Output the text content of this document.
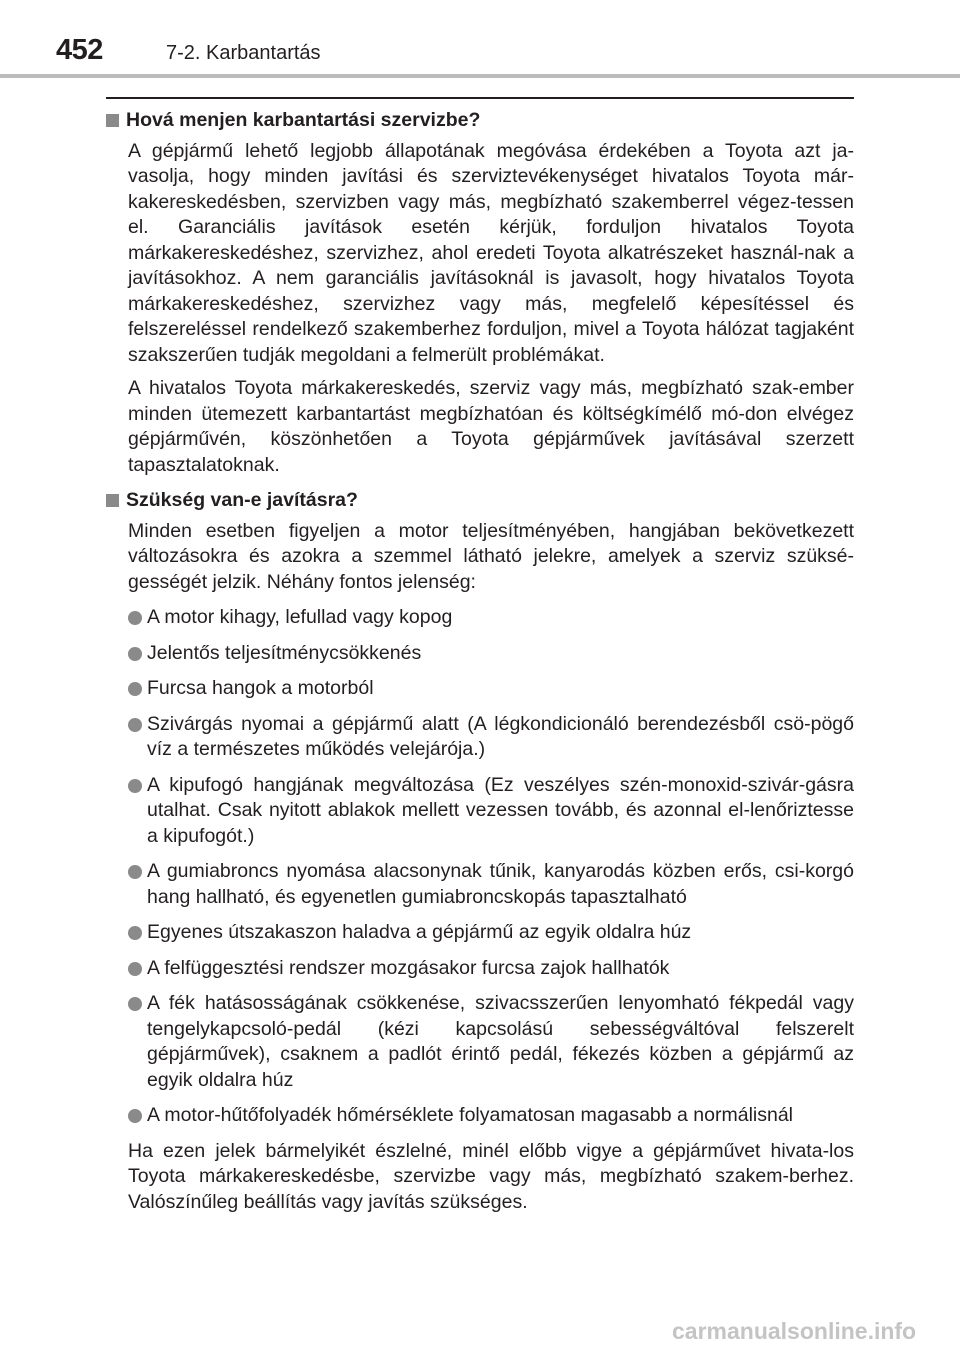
452	7-2. Karbantartás
Hová menjen karbantartási szervizbe?

A gépjármű lehető legjobb állapotának megóvása érdekében a Toyota azt ja-vasolja, hogy minden javítási és szerviztevékenységet hivatalos Toyota már-kakereskedésben, szervizben vagy más, megbízható szakemberrel végez-tessen el. Garanciális javítások esetén kérjük, forduljon hivatalos Toyota márkakereskedéshez, szervizhez, ahol eredeti Toyota alkatrészeket használ-nak a javításokhoz. A nem garanciális javításoknál is javasolt, hogy hivatalos Toyota márkakereskedéshez, szervizhez vagy más, megfelelő képesítéssel és felszereléssel rendelkező szakemberhez forduljon, mivel a Toyota hálózat tagjaként szakszerűen tudják megoldani a felmerült problémákat.

A hivatalos Toyota márkakereskedés, szerviz vagy más, megbízható szak-ember minden ütemezett karbantartást megbízhatóan és költségkímélő mó-don elvégez gépjárművén, köszönhetően a Toyota gépjárművek javításával szerzett tapasztalatoknak.

Szükség van-e javításra?

Minden esetben figyeljen a motor teljesítményében, hangjában bekövetkezett változásokra és azokra a szemmel látható jelekre, amelyek a szerviz szüksé-gességét jelzik. Néhány fontos jelenség:

A motor kihagy, lefullad vagy kopog
Jelentős teljesítménycsökkenés
Furcsa hangok a motorból
Szivárgás nyomai a gépjármű alatt (A légkondicionáló berendezésből csö-pögő víz a természetes működés velejárója.)
A kipufogó hangjának megváltozása (Ez veszélyes szén-monoxid-szivár-gásra utalhat. Csak nyitott ablakok mellett vezessen tovább, és azonnal el-lenőriztesse a kipufogót.)
A gumiabroncs nyomása alacsonynak tűnik, kanyarodás közben erős, csi-korgó hang hallható, és egyenetlen gumiabroncskopás tapasztalható
Egyenes útszakaszon haladva a gépjármű az egyik oldalra húz
A felfüggesztési rendszer mozgásakor furcsa zajok hallhatók
A fék hatásosságának csökkenése, szivacsszerűen lenyomható fékpedál vagy tengelykapcsoló-pedál (kézi kapcsolású sebességváltóval felszerelt gépjárművek), csaknem a padlót érintő pedál, fékezés közben a gépjármű az egyik oldalra húz
A motor-hűtőfolyadék hőmérséklete folyamatosan magasabb a normálisnál

Ha ezen jelek bármelyikét észlelné, minél előbb vigye a gépjárművet hivata-los Toyota márkakereskedésbe, szervizbe vagy más, megbízható szakem-berhez. Valószínűleg beállítás vagy javítás szükséges.

carmanualsonline.info
